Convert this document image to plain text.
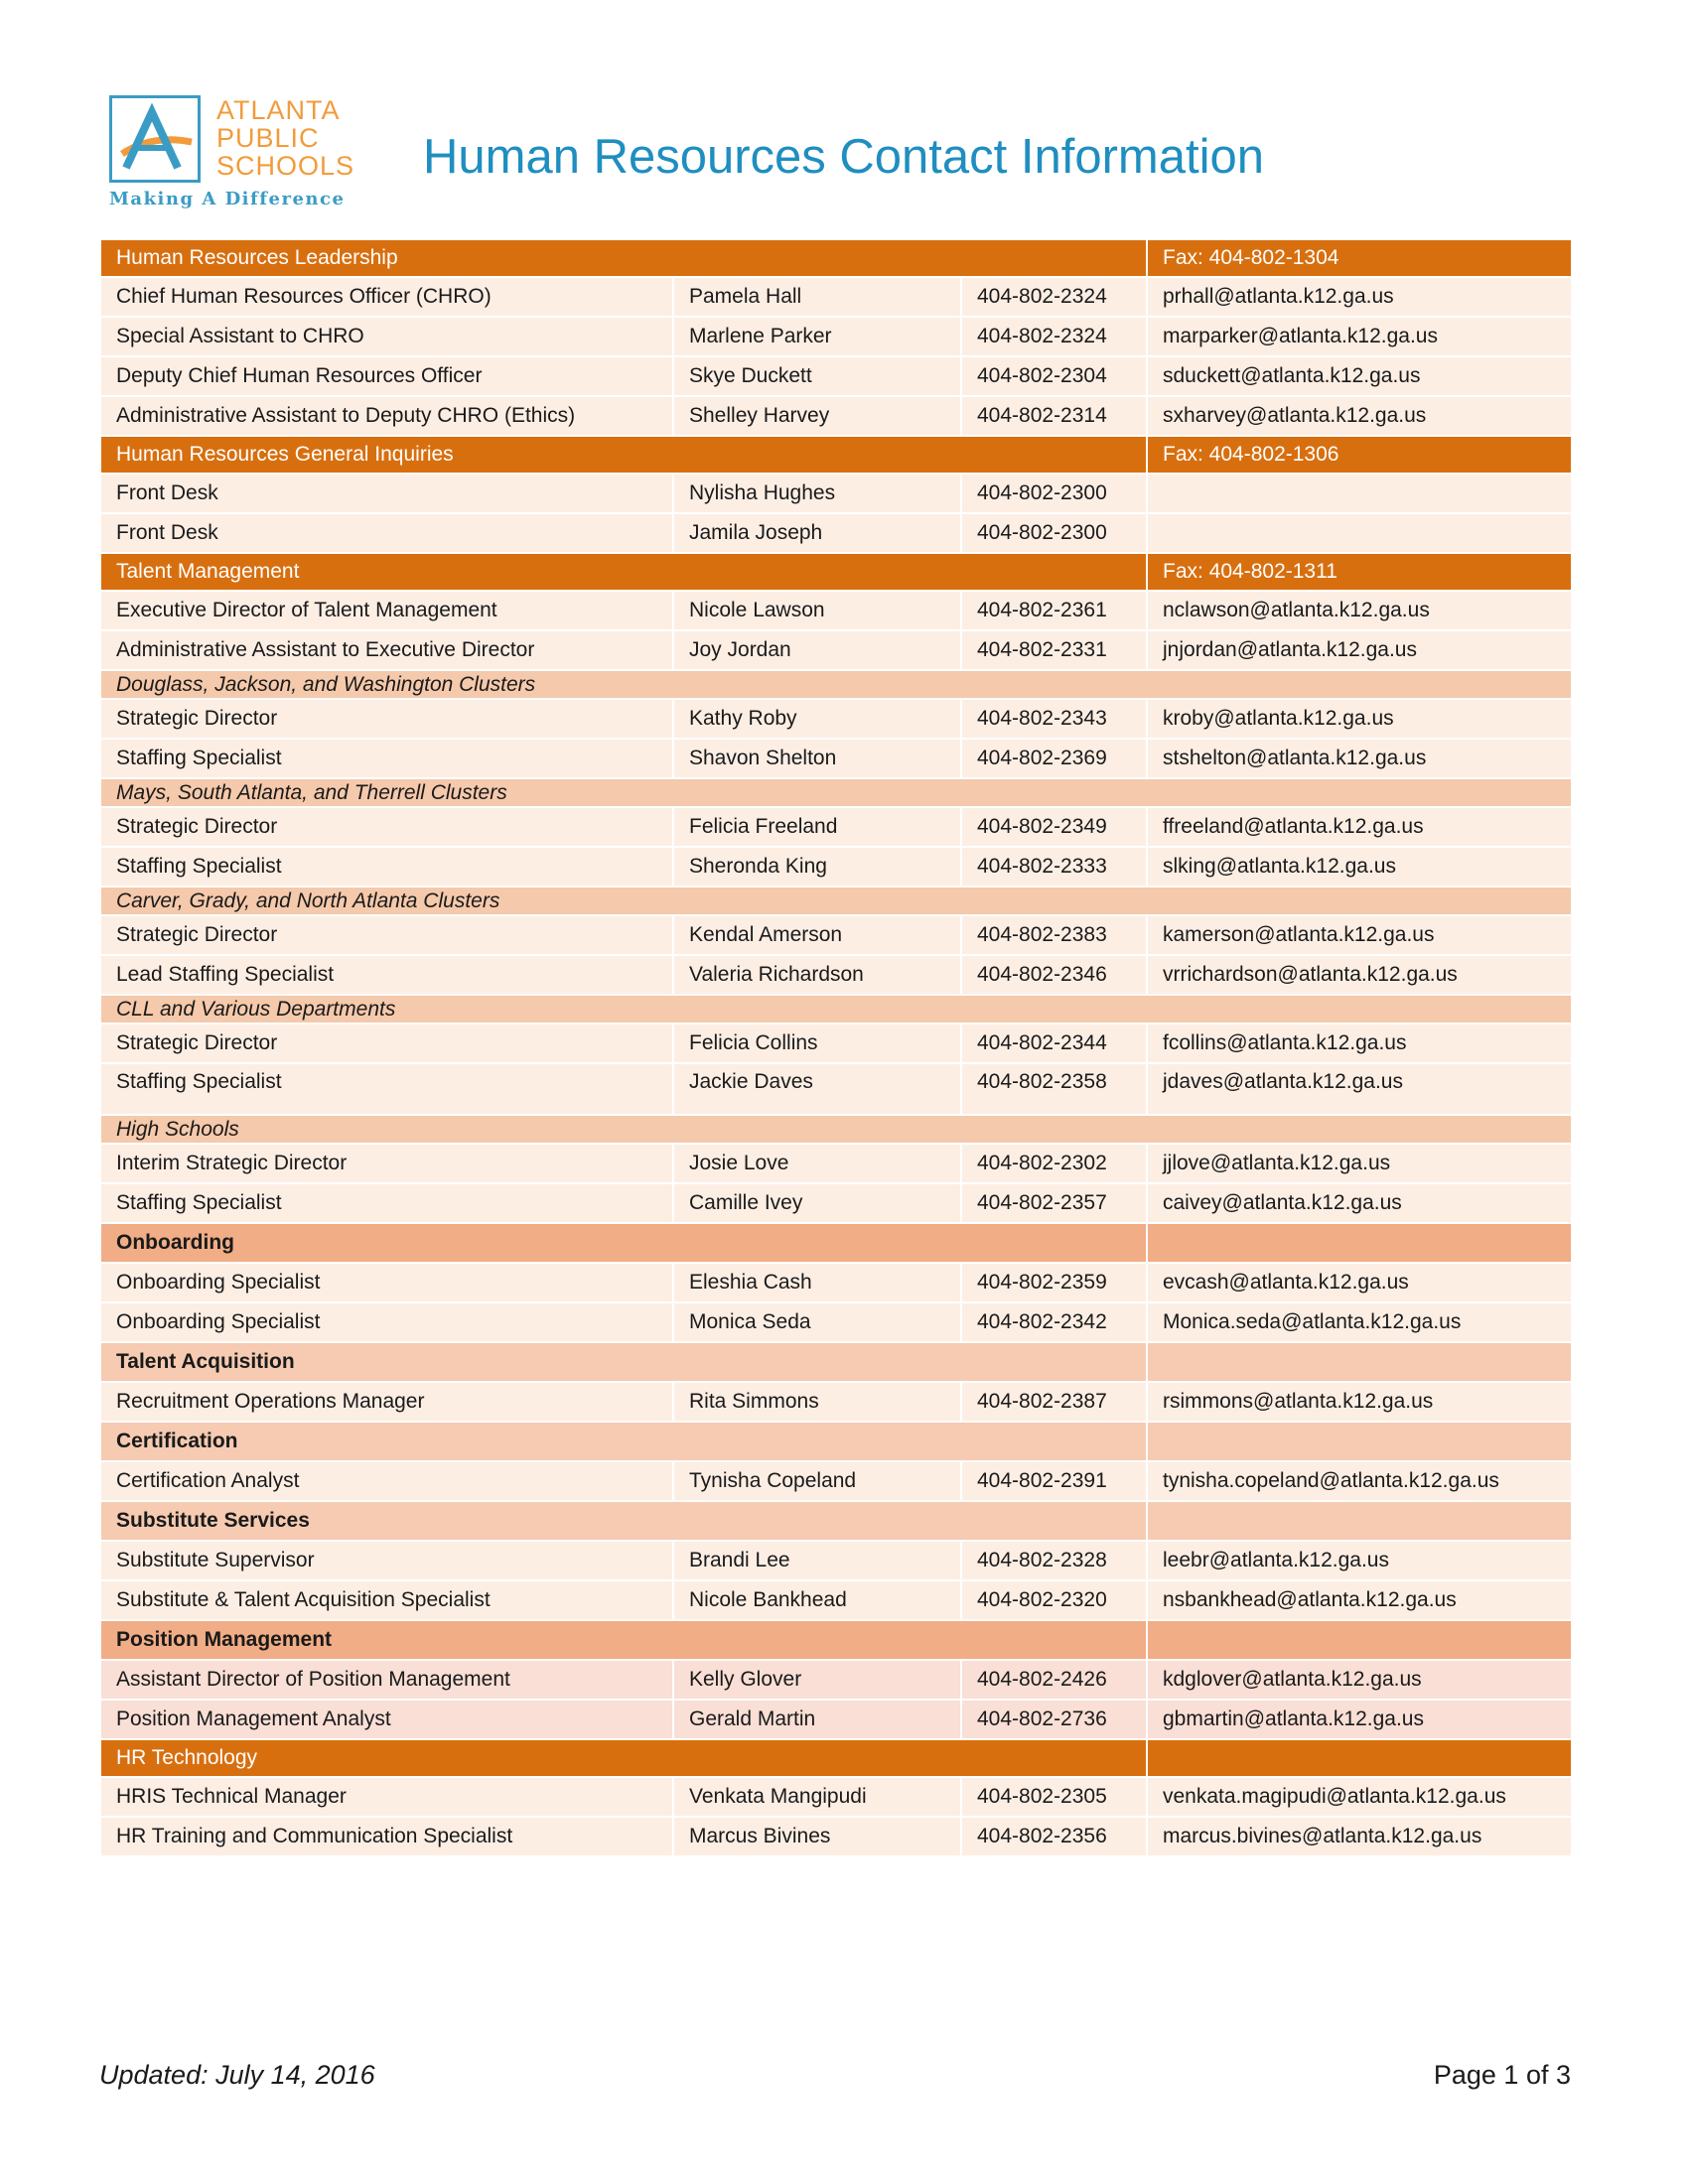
ATLANTA
PUBLIC
SCHOOLS
Making A Difference
Human Resources Contact Information
Human Resources Leadership			Fax: 404-802-1304
Chief Human Resources Officer (CHRO)	Pamela Hall	404-802-2324	prhall@atlanta.k12.ga.us
Special Assistant to CHRO	Marlene Parker	404-802-2324	marparker@atlanta.k12.ga.us
Deputy Chief Human Resources Officer	Skye Duckett	404-802-2304	sduckett@atlanta.k12.ga.us
Administrative Assistant to Deputy CHRO (Ethics)	Shelley Harvey	404-802-2314	sxharvey@atlanta.k12.ga.us
Human Resources General Inquiries			Fax: 404-802-1306
Front Desk	Nylisha Hughes	404-802-2300	
Front Desk	Jamila Joseph	404-802-2300	
Talent Management			Fax: 404-802-1311
Executive Director of Talent Management	Nicole Lawson	404-802-2361	nclawson@atlanta.k12.ga.us
Administrative Assistant to Executive Director	Joy Jordan	404-802-2331	jnjordan@atlanta.k12.ga.us
Douglass, Jackson, and Washington Clusters			
Strategic Director	Kathy Roby	404-802-2343	kroby@atlanta.k12.ga.us
Staffing Specialist	Shavon Shelton	404-802-2369	stshelton@atlanta.k12.ga.us
Mays, South Atlanta, and Therrell Clusters			
Strategic Director	Felicia Freeland	404-802-2349	ffreeland@atlanta.k12.ga.us
Staffing Specialist	Sheronda King	404-802-2333	slking@atlanta.k12.ga.us
Carver, Grady, and North Atlanta Clusters			
Strategic Director	Kendal Amerson	404-802-2383	kamerson@atlanta.k12.ga.us
Lead Staffing Specialist	Valeria Richardson	404-802-2346	vrrichardson@atlanta.k12.ga.us
CLL and Various Departments			
Strategic Director	Felicia Collins	404-802-2344	fcollins@atlanta.k12.ga.us
Staffing Specialist	Jackie Daves	404-802-2358	jdaves@atlanta.k12.ga.us
High Schools			
Interim Strategic Director	Josie Love	404-802-2302	jjlove@atlanta.k12.ga.us
Staffing Specialist	Camille Ivey	404-802-2357	caivey@atlanta.k12.ga.us
Onboarding			
Onboarding Specialist	Eleshia Cash	404-802-2359	evcash@atlanta.k12.ga.us
Onboarding Specialist	Monica Seda	404-802-2342	Monica.seda@atlanta.k12.ga.us
Talent Acquisition			
Recruitment Operations Manager	Rita Simmons	404-802-2387	rsimmons@atlanta.k12.ga.us
Certification			
Certification Analyst	Tynisha Copeland	404-802-2391	tynisha.copeland@atlanta.k12.ga.us
Substitute Services			
Substitute Supervisor	Brandi Lee	404-802-2328	leebr@atlanta.k12.ga.us
Substitute & Talent Acquisition Specialist	Nicole Bankhead	404-802-2320	nsbankhead@atlanta.k12.ga.us
Position Management			
Assistant Director of Position Management	Kelly Glover	404-802-2426	kdglover@atlanta.k12.ga.us
Position Management Analyst	Gerald Martin	404-802-2736	gbmartin@atlanta.k12.ga.us
HR Technology			
HRIS Technical Manager	Venkata Mangipudi	404-802-2305	venkata.magipudi@atlanta.k12.ga.us
HR Training and Communication Specialist	Marcus Bivines	404-802-2356	marcus.bivines@atlanta.k12.ga.us
Updated: July 14, 2016	Page 1 of 3
